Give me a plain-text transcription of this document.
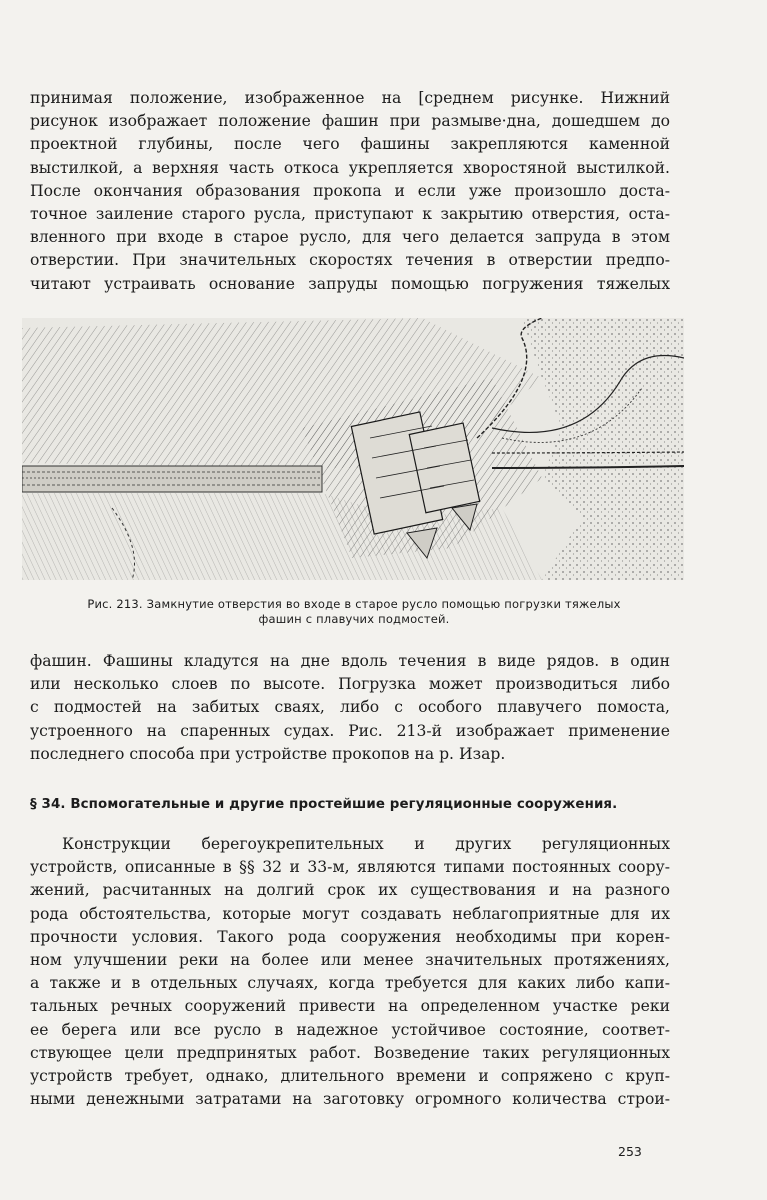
принимая положение, изображенное на [среднем рисунке. Нижний
рисунок изображает положение фашин при размыве·дна, дошедшем до
проектной глубины, после чего фашины закрепляются каменной
выстилкой, а верхняя часть откоса укрепляется хворостяной выстилкой.
После окончания образования прокопа и если уже произошло доста-
точное заиление старого русла, приступают к закрытию отверстия, оста-
вленного при входе в старое русло, для чего делается запруда в этом
отверстии. При значительных скоростях течения в отверстии предпо-
читают устраивать основание запруды помощью погружения тяжелых
Рис. 213. Замкнутие отверстия во входе в старое русло помощью погрузки тяжелых
фашин с плавучих подмостей.
фашин. Фашины кладутся на дне вдоль течения в виде рядов. в один
или несколько слоев по высоте. Погрузка может производиться либо
с подмостей на забитых сваях, либо с особого плавучего помоста,
устроенного на спаренных судах. Рис. 213-й изображает применение
последнего способа при устройстве прокопов на р. Изар.
§ 34. Вспомогательные и другие простейшие регуляционные сооружения.
Конструкции берегоукрепительных и других регуляционных
устройств, описанные в §§ 32 и 33-м, являются типами постоянных соору-
жений, расчитанных на долгий срок их существования и на разного
рода обстоятельства, которые могут создавать неблагоприятные для их
прочности условия. Такого рода сооружения необходимы при корен-
ном улучшении реки на более или менее значительных протяжениях,
а также и в отдельных случаях, когда требуется для каких либо капи-
тальных речных сооружений привести на определенном участке реки
ее берега или все русло в надежное устойчивое состояние, соответ-
ствующее цели предпринятых работ. Возведение таких регуляционных
устройств требует, однако, длительного времени и сопряжено с круп-
ными денежными затратами на заготовку огромного количества строи-
253
